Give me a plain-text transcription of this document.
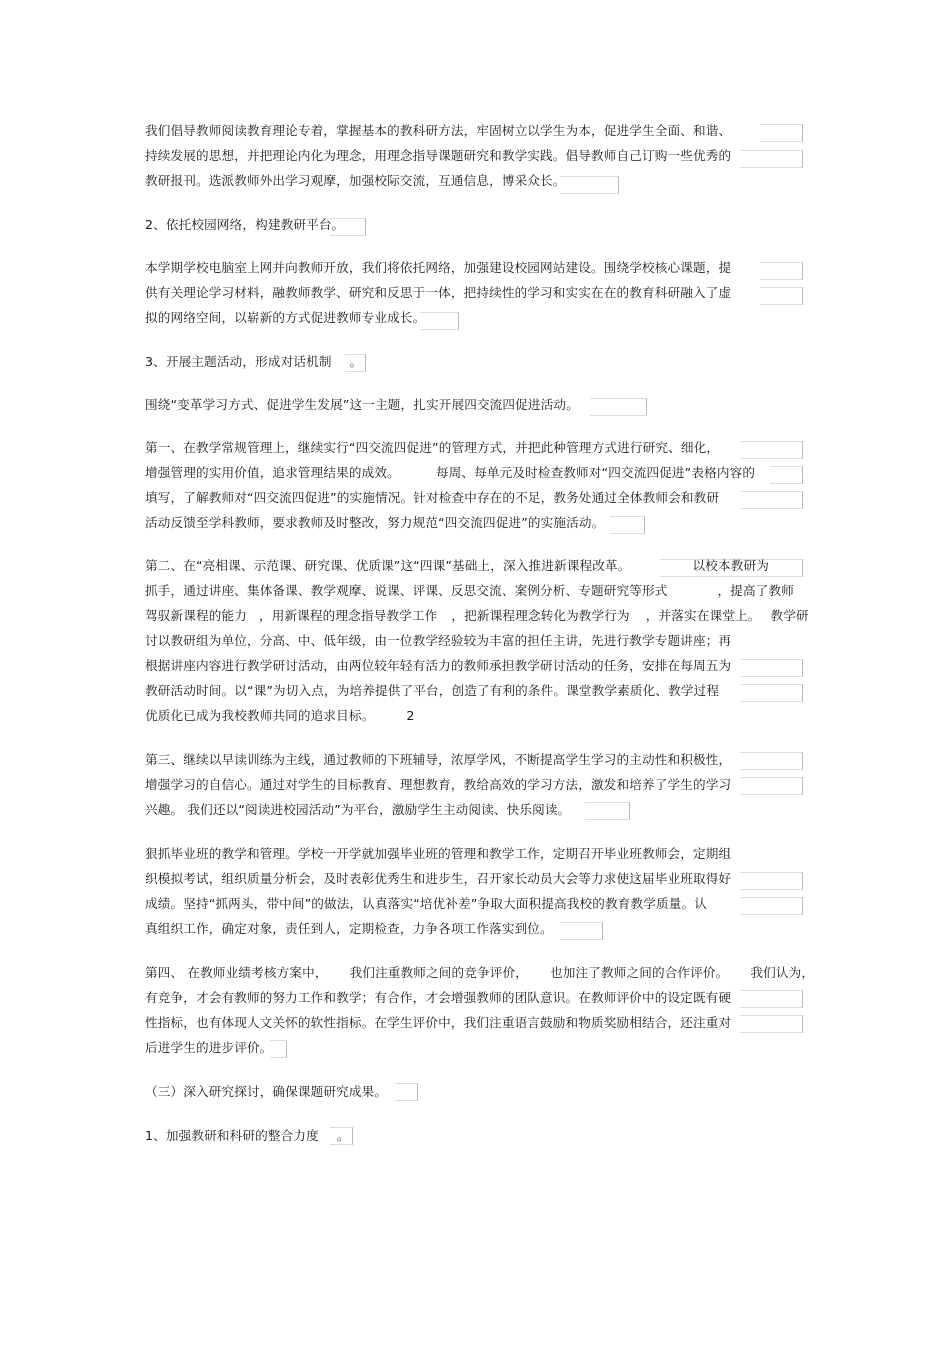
我们倡导教师阅读教育理论专着，掌握基本的教科研方法，牢固树立以学生为本，促进学生全面、和谐、

持续发展的思想，并把理论内化为理念，用理念指导课题研究和教学实践。倡导教师自己订购一些优秀的

教研报刊。选派教师外出学习观摩，加强校际交流，互通信息，博采众长。

2、依托校园网络，构建教研平台。

本学期学校电脑室上网并向教师开放，我们将依托网络，加强建设校园网站建设。围绕学校核心课题，提

供有关理论学习材料，融教师教学、研究和反思于一体，把持续性的学习和实实在在的教育科研融入了虚

拟的网络空间，以崭新的方式促进教师专业成长。

3、开展主题活动，形成对话机制 。

围绕“变革学习方式、促进学生发展”这一主题，扎实开展四交流四促进活动。

第一、在教学常规管理上，继续实行“四交流四促进”的管理方式，并把此种管理方式进行研究、细化，

增强管理的实用价值，追求管理结果的成效。	每周、每单元及时检查教师对“四交流四促进”表格内容的

填写，了解教师对“四交流四促进”的实施情况。针对检查中存在的不足，教务处通过全体教师会和教研

活动反馈至学科教师，要求教师及时整改，努力规范“四交流四促进”的实施活动。

第二、在“亮相课、示范课、研究课、优质课”这“四课”基础上，深入推进新课程改革。	以校本教研为

抓手，通过讲座、集体备课、教学观摩、说课、评课、反思交流、案例分析、专题研究等形式	，提高了教师

驾驭新课程的能力 ，用新课程的理念指导教学工作 ，把新课程理念转化为教学行为 ，并落实在课堂上。 教学研

讨以教研组为单位，分高、中、低年级，由一位教学经验较为丰富的担任主讲，先进行教学专题讲座；再

根据讲座内容进行教学研讨活动，由两位较年轻有活力的教师承担教学研讨活动的任务，安排在每周五为

教研活动时间。以“课”为切入点，为培养提供了平台，创造了有利的条件。课堂教学素质化、教学过程

优质化已成为我校教师共同的追求目标。	2

第三、继续以早读训练为主线，通过教师的下班辅导，浓厚学风，不断提高学生学习的主动性和积极性，

增强学习的自信心。通过对学生的目标教育、理想教育，教给高效的学习方法，激发和培养了学生的学习

兴趣。 我们还以“阅读进校园活动”为平台，激励学生主动阅读、快乐阅读。

狠抓毕业班的教学和管理。学校一开学就加强毕业班的管理和教学工作，定期召开毕业班教师会，定期组

织模拟考试，组织质量分析会，及时表彰优秀生和进步生，召开家长动员大会等力求使这届毕业班取得好

成绩。坚持“抓两头，带中间”的做法，认真落实“培优补差”争取大面积提高我校的教育教学质量。认

真组织工作，确定对象，责任到人，定期检查，力争各项工作落实到位。

第四、 在教师业绩考核方案中， 我们注重教师之间的竞争评价， 也加注了教师之间的合作评价。 我们认为，

有竞争，才会有教师的努力工作和教学；有合作，才会增强教师的团队意识。在教师评价中的设定既有硬

性指标，也有体现人文关怀的软性指标。在学生评价中，我们注重语言鼓励和物质奖励相结合，还注重对

后进学生的进步评价。

（三）深入研究探讨，确保课题研究成果。

1、加强教研和科研的整合力度 。
